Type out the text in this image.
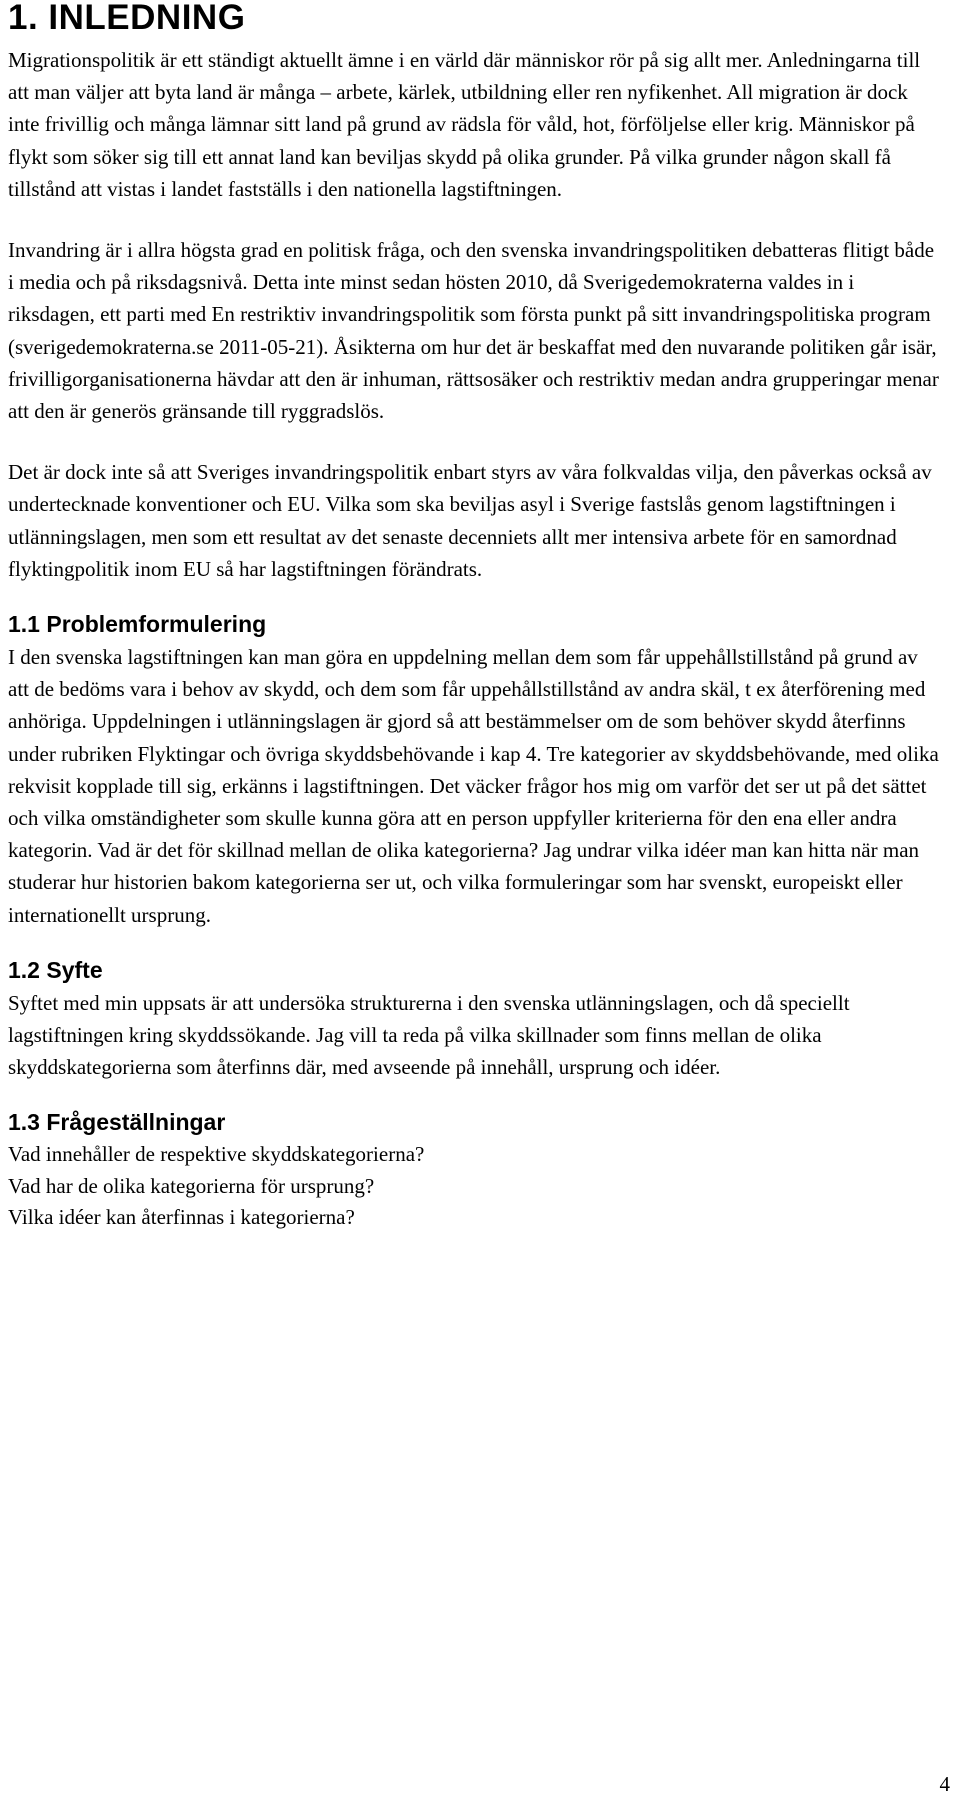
1. INLEDNING

Migrationspolitik är ett ständigt aktuellt ämne i en värld där människor rör på sig allt mer. Anledningarna till att man väljer att byta land är många – arbete, kärlek, utbildning eller ren nyfikenhet. All migration är dock inte frivillig och många lämnar sitt land på grund av rädsla för våld, hot, förföljelse eller krig. Människor på flykt som söker sig till ett annat land kan beviljas skydd på olika grunder. På vilka grunder någon skall få tillstånd att vistas i landet fastställs i den nationella lagstiftningen.

Invandring är i allra högsta grad en politisk fråga, och den svenska invandringspolitiken debatteras flitigt både i media och på riksdagsnivå. Detta inte minst sedan hösten 2010, då Sverigedemokraterna valdes in i riksdagen, ett parti med En restriktiv invandringspolitik som första punkt på sitt invandringspolitiska program (sverigedemokraterna.se 2011-05-21). Åsikterna om hur det är beskaffat med den nuvarande politiken går isär, frivilligorganisationerna hävdar att den är inhuman, rättsosäker och restriktiv medan andra grupperingar menar att den är generös gränsande till ryggradslös.

Det är dock inte så att Sveriges invandringspolitik enbart styrs av våra folkvaldas vilja, den påverkas också av undertecknade konventioner och EU. Vilka som ska beviljas asyl i Sverige fastslås genom lagstiftningen i utlänningslagen, men som ett resultat av det senaste decenniets allt mer intensiva arbete för en samordnad flyktingpolitik inom EU så har lagstiftningen förändrats.

1.1 Problemformulering

I den svenska lagstiftningen kan man göra en uppdelning mellan dem som får uppehållstillstånd på grund av att de bedöms vara i behov av skydd, och dem som får uppehållstillstånd av andra skäl, t ex återförening med anhöriga. Uppdelningen i utlänningslagen är gjord så att bestämmelser om de som behöver skydd återfinns under rubriken Flyktingar och övriga skyddsbehövande i kap 4. Tre kategorier av skyddsbehövande, med olika rekvisit kopplade till sig, erkänns i lagstiftningen. Det väcker frågor hos mig om varför det ser ut på det sättet och vilka omständigheter som skulle kunna göra att en person uppfyller kriterierna för den ena eller andra kategorin. Vad är det för skillnad mellan de olika kategorierna? Jag undrar vilka idéer man kan hitta när man studerar hur historien bakom kategorierna ser ut, och vilka formuleringar som har svenskt, europeiskt eller internationellt ursprung.

1.2 Syfte

Syftet med min uppsats är att undersöka strukturerna i den svenska utlänningslagen, och då speciellt lagstiftningen kring skyddssökande. Jag vill ta reda på vilka skillnader som finns mellan de olika skyddskategorierna som återfinns där, med avseende på innehåll, ursprung och idéer.

1.3 Frågeställningar

Vad innehåller de respektive skyddskategorierna?

Vad har de olika kategorierna för ursprung?

Vilka idéer kan återfinnas i kategorierna?

4
